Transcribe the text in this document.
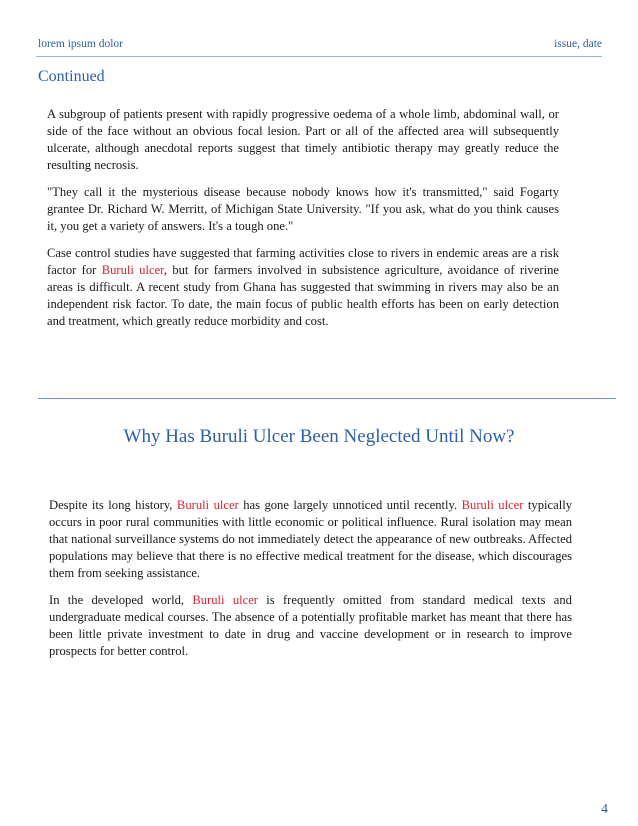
lorem ipsum dolor	issue, date
Continued

A subgroup of patients present with rapidly progressive oedema of a whole limb, abdominal wall, or side of the face without an obvious focal lesion. Part or all of the affected area will subsequently ulcerate, although anecdotal reports suggest that timely antibiotic therapy may greatly reduce the resulting necrosis.

"They call it the mysterious disease because nobody knows how it's transmitted," said Fogarty grantee Dr. Richard W. Merritt, of Michigan State University. "If you ask, what do you think causes it, you get a variety of answers. It's a tough one."

Case control studies have suggested that farming activities close to rivers in endemic areas are a risk factor for Buruli ulcer, but for farmers involved in subsistence agriculture, avoidance of riverine areas is difficult. A recent study from Ghana has suggested that swimming in rivers may also be an independent risk factor. To date, the main focus of public health efforts has been on early detection and treatment, which greatly reduce morbidity and cost.

Why Has Buruli Ulcer Been Neglected Until Now?

Despite its long history, Buruli ulcer has gone largely unnoticed until recently. Buruli ulcer typically occurs in poor rural communities with little economic or political influence. Rural isolation may mean that national surveillance systems do not immediately detect the appearance of new outbreaks. Affected populations may believe that there is no effective medical treatment for the disease, which discourages them from seeking assistance.

In the developed world, Buruli ulcer is frequently omitted from standard medical texts and undergraduate medical courses. The absence of a potentially profitable market has meant that there has been little private investment to date in drug and vaccine development or in research to improve prospects for better control.

4
